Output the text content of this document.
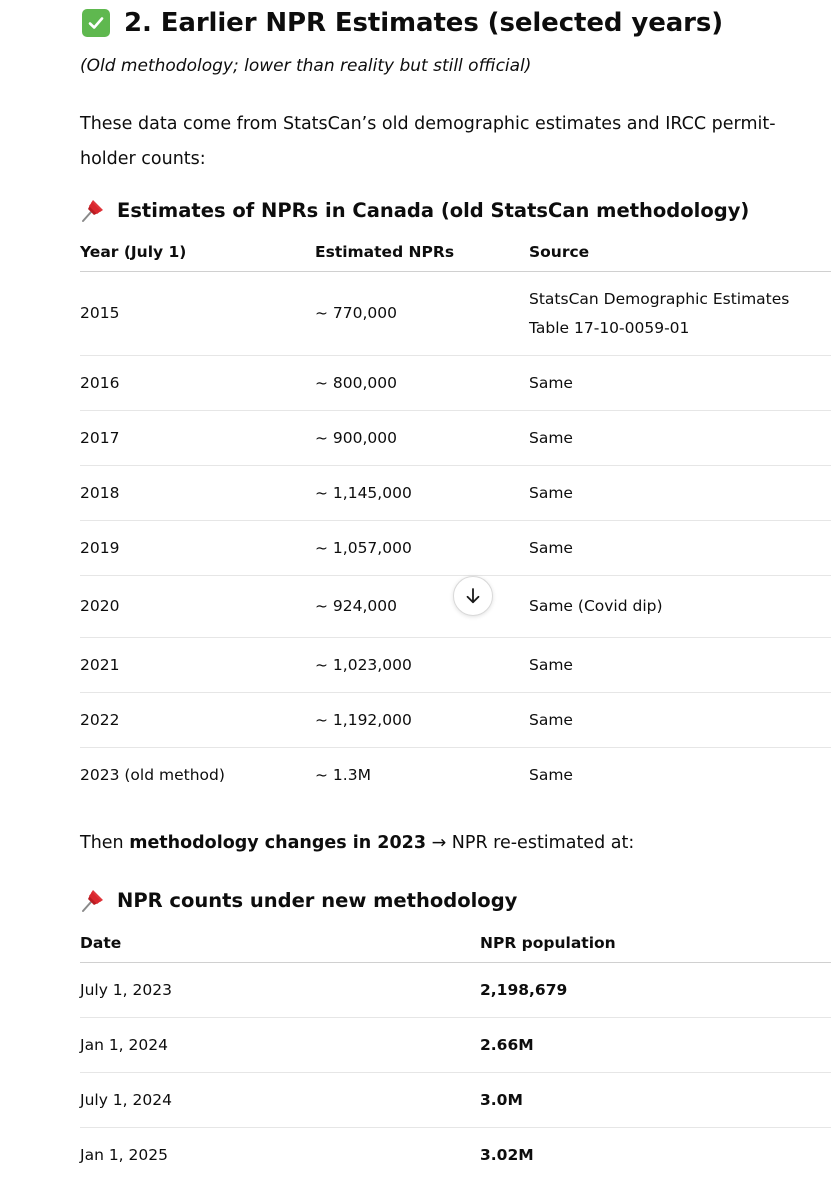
2. Earlier NPR Estimates (selected years)
(Old methodology; lower than reality but still official)
These data come from StatsCan’s old demographic estimates and IRCC permit-holder counts:
Estimates of NPRs in Canada (old StatsCan methodology)
Year (July 1)	Estimated NPRs	Source
2015	~ 770,000	StatsCan Demographic Estimates Table 17-10-0059-01
2016	~ 800,000	Same
2017	~ 900,000	Same
2018	~ 1,145,000	Same
2019	~ 1,057,000	Same
2020	~ 924,000	Same (Covid dip)
2021	~ 1,023,000	Same
2022	~ 1,192,000	Same
2023 (old method)	~ 1.3M	Same
Then methodology changes in 2023 → NPR re-estimated at:
NPR counts under new methodology
Date	NPR population
July 1, 2023	2,198,679
Jan 1, 2024	2.66M
July 1, 2024	3.0M
Jan 1, 2025	3.02M
